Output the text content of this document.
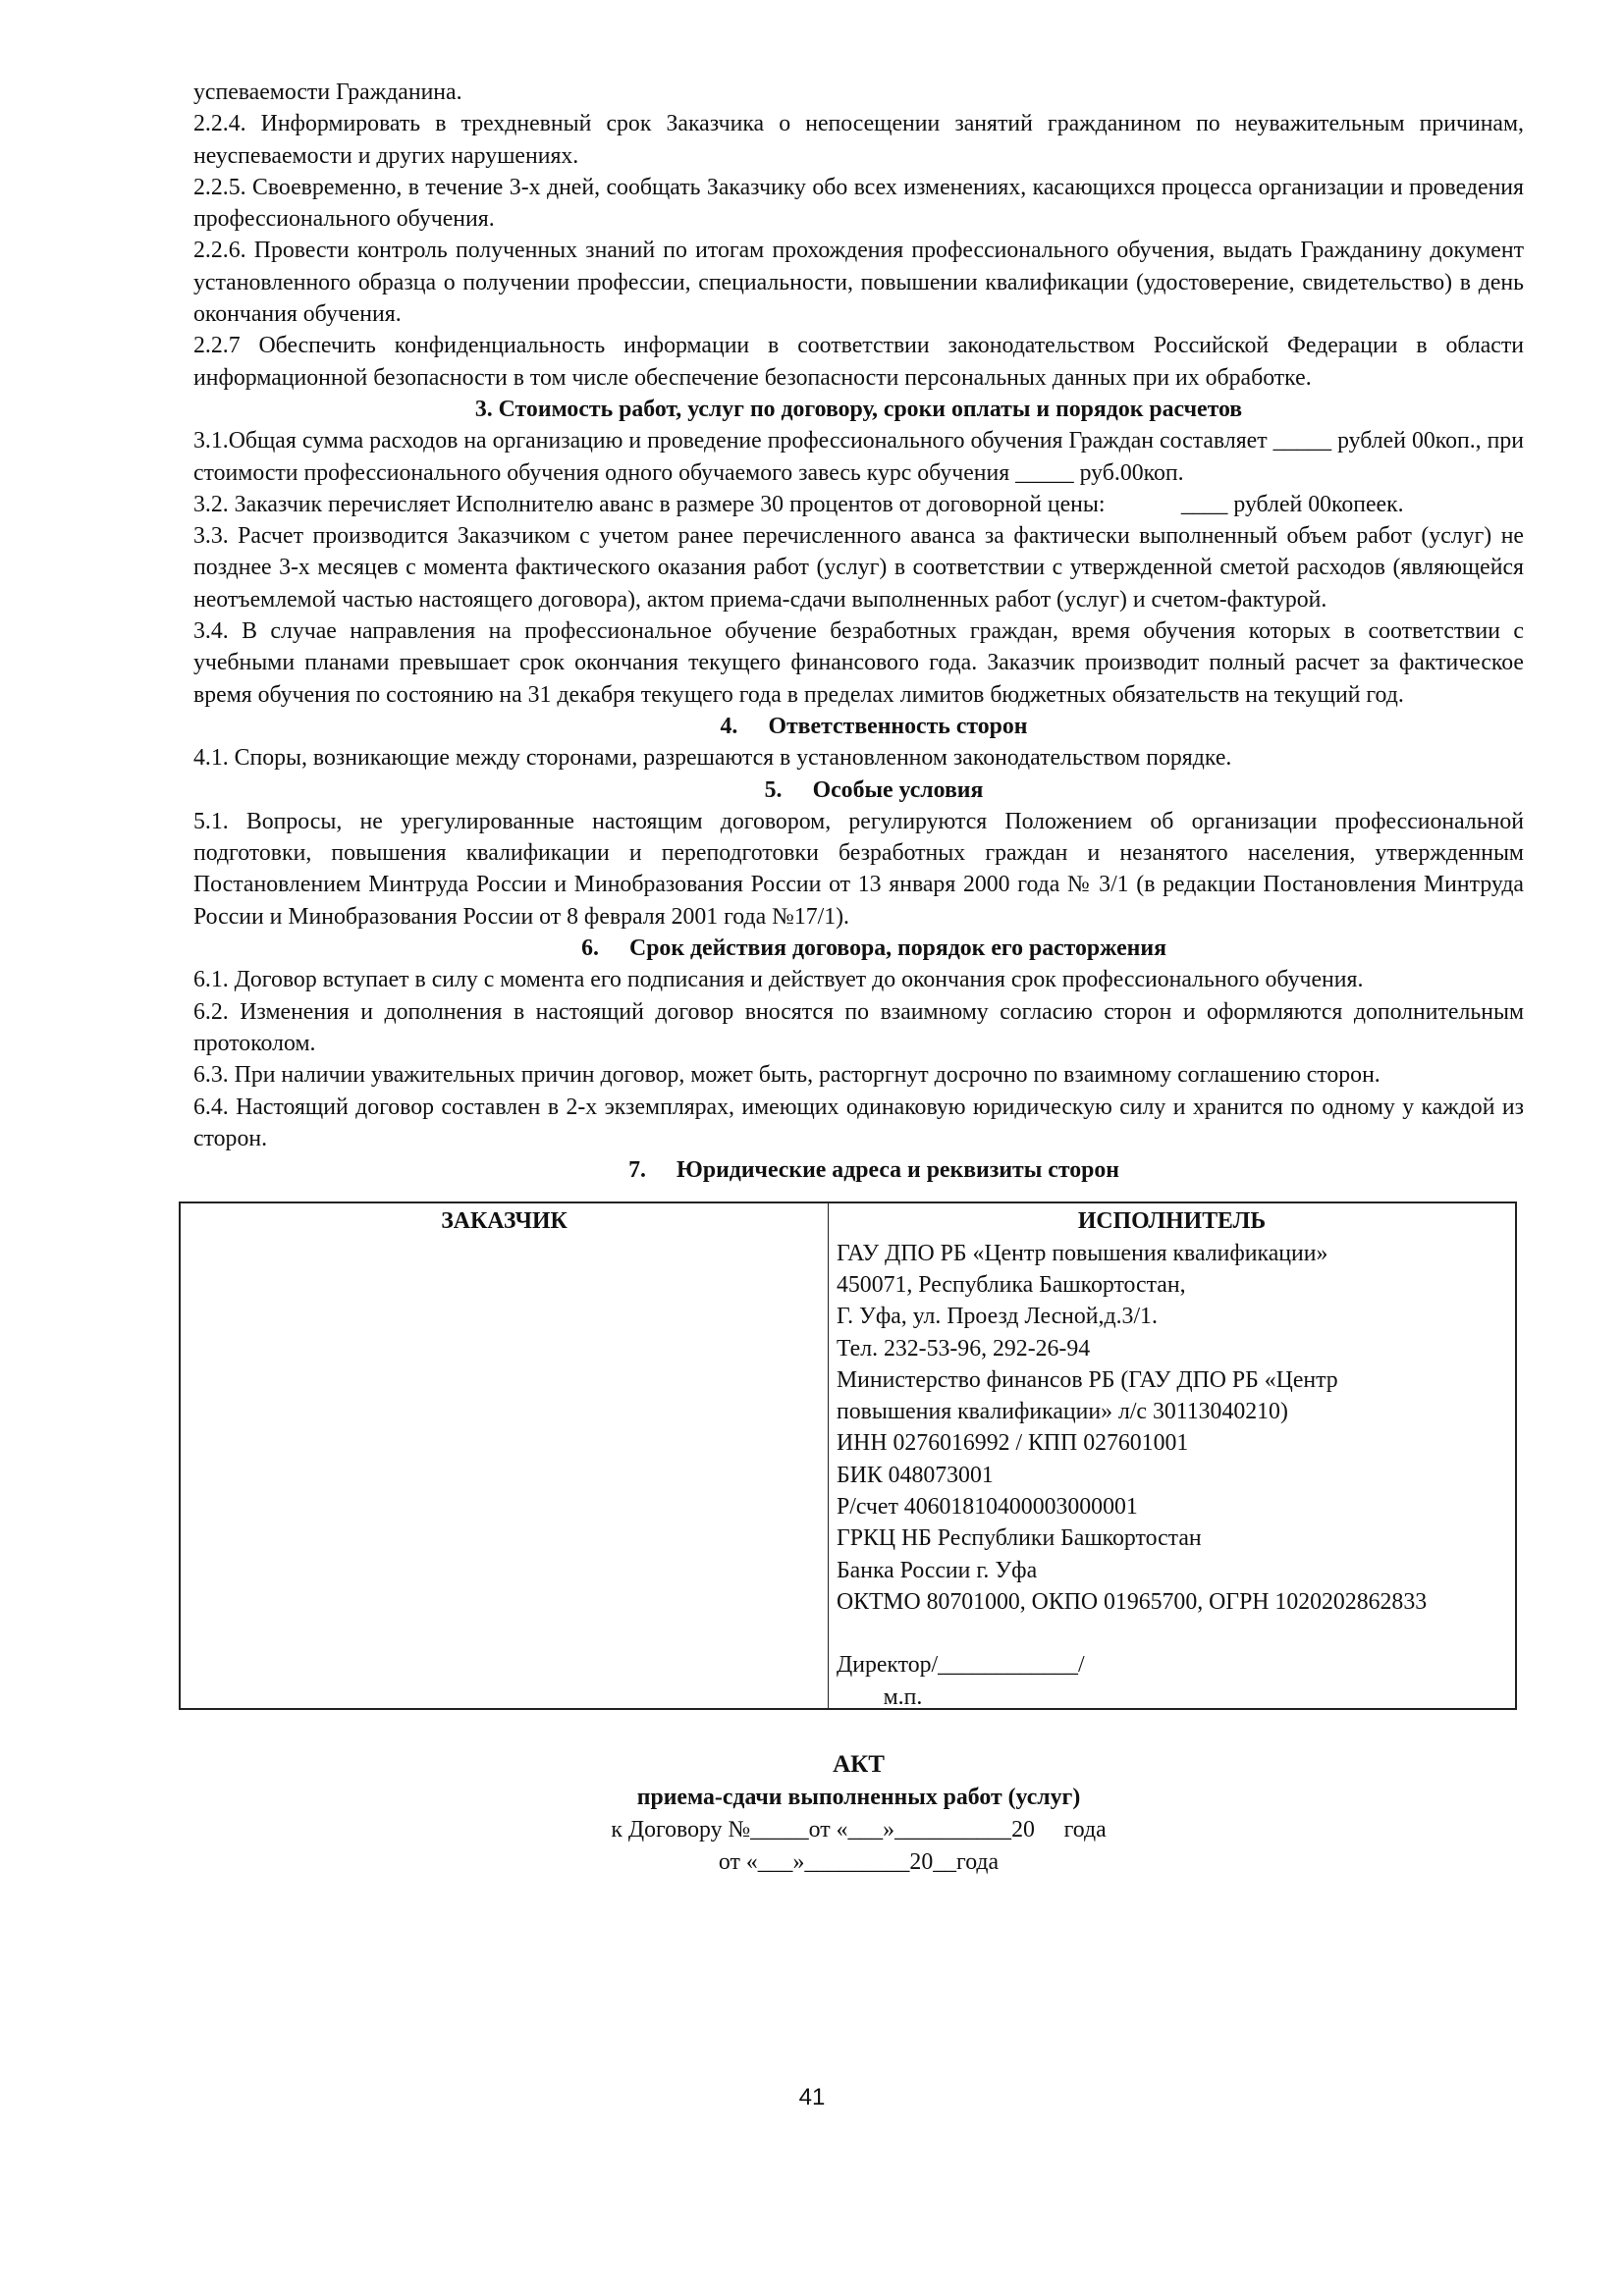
успеваемости Гражданина.

2.2.4. Информировать в трехдневный срок Заказчика о непосещении занятий гражданином по неуважительным причинам, неуспеваемости и других нарушениях.

2.2.5. Своевременно, в течение 3-х дней, сообщать Заказчику обо всех изменениях, касающихся процесса организации и проведения профессионального обучения.

2.2.6. Провести контроль полученных знаний по итогам прохождения профессионального обучения, выдать Гражданину документ установленного образца о получении профессии, специальности, повышении квалификации (удостоверение, свидетельство) в день окончания обучения.

2.2.7 Обеспечить конфиденциальность информации в соответствии законодательством Российской Федерации в области информационной безопасности в том числе обеспечение безопасности персональных данных при их обработке.

3. Стоимость работ, услуг по договору, сроки оплаты и порядок расчетов

3.1.Общая сумма расходов на организацию и проведение профессионального обучения Граждан составляет _____ рублей 00коп., при стоимости профессионального обучения одного обучаемого завесь курс обучения _____ руб.00коп.

3.2. Заказчик перечисляет Исполнителю аванс в размере 30 процентов от договорной цены:             ____ рублей 00копеек.

3.3. Расчет производится Заказчиком с учетом ранее перечисленного аванса за фактически выполненный объем работ (услуг) не позднее 3-х месяцев с момента фактического оказания работ (услуг) в соответствии с утвержденной сметой расходов (являющейся неотъемлемой частью настоящего договора), актом приема-сдачи выполненных работ (услуг) и счетом-фактурой.

3.4. В случае направления на профессиональное обучение безработных граждан, время обучения которых в соответствии с учебными планами превышает срок окончания текущего финансового года. Заказчик производит полный расчет за фактическое время обучения по состоянию на 31 декабря текущего года в пределах лимитов бюджетных обязательств на текущий год.

4. Ответственность сторон

4.1. Споры, возникающие между сторонами, разрешаются в установленном законодательством порядке.

5. Особые условия

5.1. Вопросы, не урегулированные настоящим договором, регулируются Положением об организации профессиональной подготовки, повышения квалификации и переподготовки безработных граждан и незанятого населения, утвержденным Постановлением Минтруда России и Минобразования России от 13 января 2000 года № 3/1 (в редакции Постановления Минтруда России и Минобразования России от 8 февраля 2001 года №17/1).

6. Срок действия договора, порядок его расторжения

6.1. Договор вступает в силу с момента его подписания и действует до окончания срок профессионального обучения.

6.2. Изменения и дополнения в настоящий договор вносятся по взаимному согласию сторон и оформляются дополнительным протоколом.

6.3. При наличии уважительных причин договор, может быть, расторгнут досрочно по взаимному соглашению сторон.

6.4. Настоящий договор составлен в 2-х экземплярах, имеющих одинаковую юридическую силу и хранится по одному у каждой из сторон.

7. Юридические адреса и реквизиты сторон
ЗАКАЗЧИК	ИСПОЛНИТЕЛЬ
ГАУ ДПО РБ «Центр повышения квалификации»
450071, Республика Башкортостан,
Г. Уфа, ул. Проезд Лесной,д.3/1.
Тел. 232-53-96, 292-26-94
Министерство финансов РБ (ГАУ ДПО РБ «Центр
повышения квалификации» л/с 30113040210)
ИНН 0276016992 / КПП 027601001
БИК 048073001
Р/счет 40601810400003000001
ГРКЦ НБ Республики Башкортостан
Банка России г. Уфа
ОКТМО 80701000, ОКПО 01965700, ОГРН 1020202862833
Директор/____________/
м.п.
АКТ
приема-сдачи выполненных работ (услуг)
к Договору №_____от «___»__________20     года
от «___»_________20__года
41
